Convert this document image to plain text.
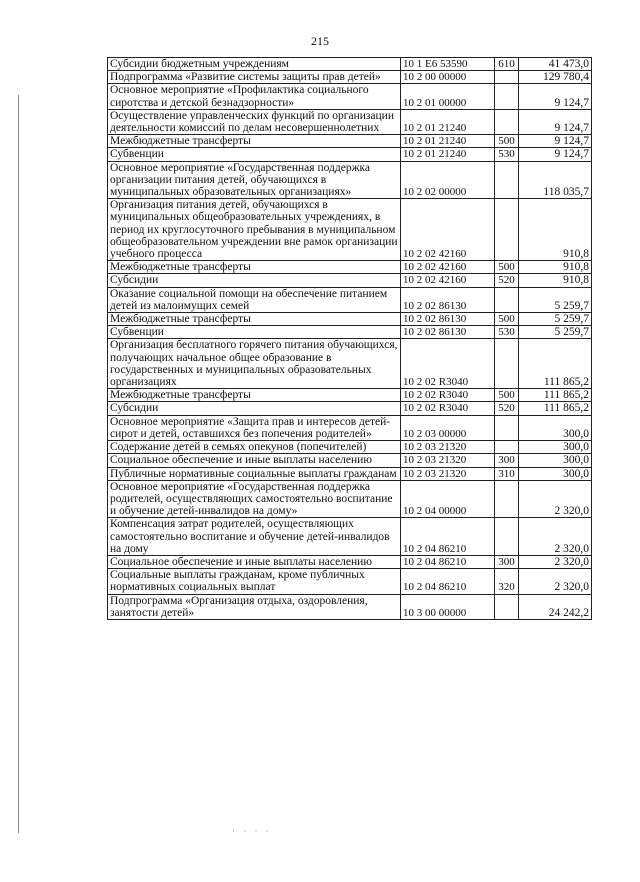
215
Субсидии бюджетным учреждениям	10 1 Е6 53590	610	41 473,0
Подпрограмма «Развитие системы защиты прав детей»	10 2 00 00000		129 780,4
Основное мероприятие «Профилактика социального сиротства и детской безнадзорности»	10 2 01 00000		9 124,7
Осуществление управленческих функций по организации деятельности комиссий по делам несовершеннолетних	10 2 01 21240		9 124,7
Межбюджетные трансферты	10 2 01 21240	500	9 124,7
Субвенции	10 2 01 21240	530	9 124,7
Основное мероприятие «Государственная поддержка организации питания детей, обучающихся в муниципальных образовательных организациях»	10 2 02 00000		118 035,7
Организация питания детей, обучающихся в муниципальных общеобразовательных учреждениях, в период их круглосуточного пребывания в муниципальном общеобразовательном учреждении вне рамок организации учебного процесса	10 2 02 42160		910,8
Межбюджетные трансферты	10 2 02 42160	500	910,8
Субсидии	10 2 02 42160	520	910,8
Оказание социальной помощи на обеспечение питанием детей из малоимущих семей	10 2 02 86130		5 259,7
Межбюджетные трансферты	10 2 02 86130	500	5 259,7
Субвенции	10 2 02 86130	530	5 259,7
Организация бесплатного горячего питания обучающихся, получающих начальное общее образование в государственных и муниципальных образовательных организациях	10 2 02 R3040		111 865,2
Межбюджетные трансферты	10 2 02 R3040	500	111 865,2
Субсидии	10 2 02 R3040	520	111 865,2
Основное мероприятие «Защита прав и интересов детей-сирот и детей, оставшихся без попечения родителей»	10 2 03 00000		300,0
Содержание детей в семьях опекунов (попечителей)	10 2 03 21320		300,0
Социальное обеспечение и иные выплаты населению	10 2 03 21320	300	300,0
Публичные нормативные социальные выплаты гражданам	10 2 03 21320	310	300,0
Основное мероприятие «Государственная поддержка родителей, осуществляющих самостоятельно воспитание и обучение детей-инвалидов на дому»	10 2 04 00000		2 320,0
Компенсация затрат родителей, осуществляющих самостоятельно воспитание и обучение детей-инвалидов на дому	10 2 04 86210		2 320,0
Социальное обеспечение и иные выплаты населению	10 2 04 86210	300	2 320,0
Социальные выплаты гражданам, кроме публичных нормативных социальных выплат	10 2 04 86210	320	2 320,0
Подпрограмма «Организация отдыха, оздоровления, занятости детей»	10 3 00 00000		24 242,2
· · · ·
